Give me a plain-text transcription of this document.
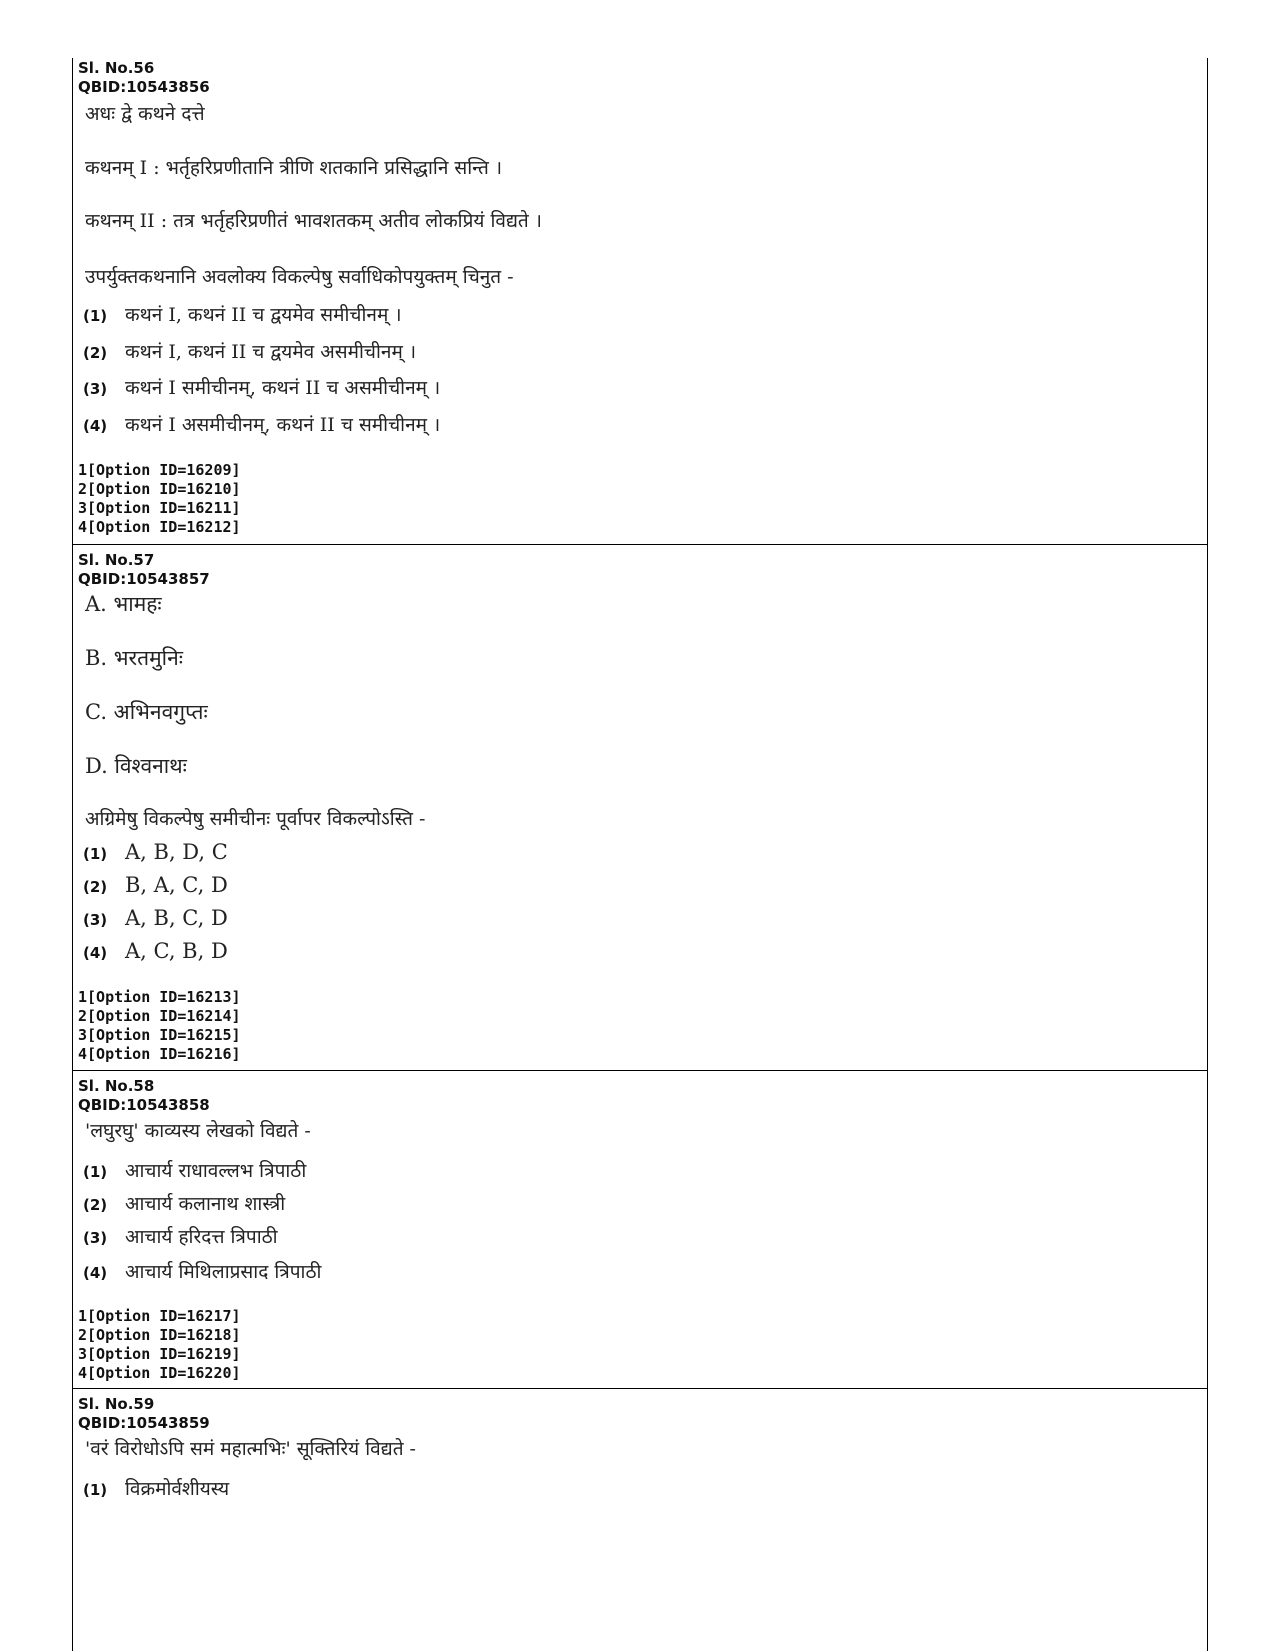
Sl. No.56
QBID:10543856
अधः द्वे कथने दत्ते
कथनम् I : भर्तृहरिप्रणीतानि त्रीणि शतकानि प्रसिद्धानि सन्ति ।
कथनम् II : तत्र भर्तृहरिप्रणीतं भावशतकम् अतीव लोकप्रियं विद्यते ।
उपर्युक्तकथनानि अवलोक्य विकल्पेषु सर्वाधिकोपयुक्तम् चिनुत -
(1) कथनं I, कथनं II च द्वयमेव समीचीनम् ।
(2) कथनं I, कथनं II च द्वयमेव असमीचीनम् ।
(3) कथनं I समीचीनम्, कथनं II च असमीचीनम् ।
(4) कथनं I असमीचीनम्, कथनं II च समीचीनम् ।
1[Option ID=16209]
2[Option ID=16210]
3[Option ID=16211]
4[Option ID=16212]
Sl. No.57
QBID:10543857
A. भामहः
B. भरतमुनिः
C. अभिनवगुप्तः
D. विश्वनाथः
अग्रिमेषु विकल्पेषु समीचीनः पूर्वापर विकल्पोऽस्ति -
(1) A, B, D, C
(2) B, A, C, D
(3) A, B, C, D
(4) A, C, B, D
1[Option ID=16213]
2[Option ID=16214]
3[Option ID=16215]
4[Option ID=16216]
Sl. No.58
QBID:10543858
'लघुरघु' काव्यस्य लेखको विद्यते -
(1) आचार्य राधावल्लभ त्रिपाठी
(2) आचार्य कलानाथ शास्त्री
(3) आचार्य हरिदत्त त्रिपाठी
(4) आचार्य मिथिलाप्रसाद त्रिपाठी
1[Option ID=16217]
2[Option ID=16218]
3[Option ID=16219]
4[Option ID=16220]
Sl. No.59
QBID:10543859
'वरं विरोधोऽपि समं महात्मभिः' सूक्तिरियं विद्यते -
(1) विक्रमोर्वशीयस्य
